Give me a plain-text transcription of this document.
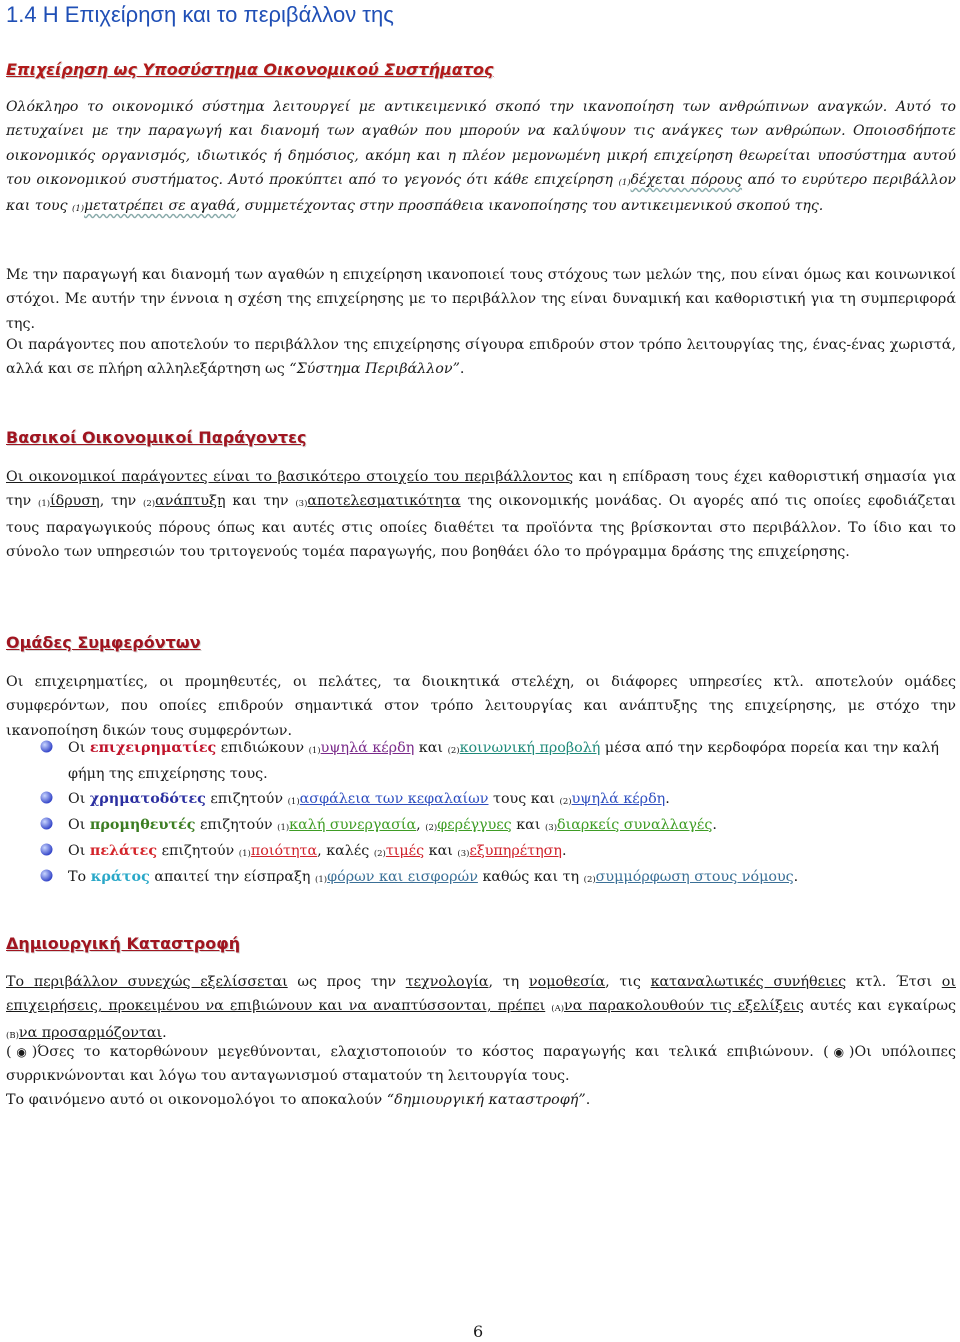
1.4 Η Επιχείρηση και το περιβάλλον της
Επιχείρηση ως Υποσύστημα Οικονομικού Συστήματος

Ολόκληρο το οικονομικό σύστημα λειτουργεί με αντικειμενικό σκοπό την ικανοποίηση των ανθρώπινων αναγκών. Αυτό το πετυχαίνει με την παραγωγή και διανομή των αγαθών που μπορούν να καλύψουν τις ανάγκες των ανθρώπων. Οποιοσδήποτε οικονομικός οργανισμός, ιδιωτικός ή δημόσιος, ακόμη και η πλέον μεμονωμένη μικρή επιχείρηση θεωρείται υποσύστημα αυτού του οικονομικού συστήματος. Αυτό προκύπτει από το γεγονός ότι κάθε επιχείρηση (1)δέχεται πόρους από το ευρύτερο περιβάλλον και τους (1)μετατρέπει σε αγαθά, συμμετέχοντας στην προσπάθεια ικανοποίησης του αντικειμενικού σκοπού της.

Με την παραγωγή και διανομή των αγαθών η επιχείρηση ικανοποιεί τους στόχους των μελών της, που είναι όμως και κοινωνικοί στόχοι. Με αυτήν την έννοια η σχέση της επιχείρησης με το περιβάλλον της είναι δυναμική και καθοριστική για τη συμπεριφορά της.

Οι παράγοντες που αποτελούν το περιβάλλον της επιχείρησης σίγουρα επιδρούν στον τρόπο λειτουργίας της, ένας-ένας χωριστά, αλλά και σε πλήρη αλληλεξάρτηση ως “Σύστημα Περιβάλλον”.

Βασικοί Οικονομικοί Παράγοντες

Οι οικονομικοί παράγοντες είναι το βασικότερο στοιχείο του περιβάλλοντος και η επίδραση τους έχει καθοριστική σημασία για την (1)ίδρυση, την (2)ανάπτυξη και την (3)αποτελεσματικότητα της οικονομικής μονάδας. Οι αγορές από τις οποίες εφοδιάζεται τους παραγωγικούς πόρους όπως και αυτές στις οποίες διαθέτει τα προϊόντα της βρίσκονται στο περιβάλλον. Το ίδιο και το σύνολο των υπηρεσιών του τριτογενούς τομέα παραγωγής, που βοηθάει όλο το πρόγραμμα δράσης της επιχείρησης.

Ομάδες Συμφερόντων

Οι επιχειρηματίες, οι προμηθευτές, οι πελάτες, τα διοικητικά στελέχη, οι διάφορες υπηρεσίες κτλ. αποτελούν ομάδες συμφερόντων, που οποίες επιδρούν σημαντικά στον τρόπο λειτουργίας και ανάπτυξης της επιχείρησης, με στόχο την ικανοποίηση δικών τους συμφερόντων.

Οι επιχειρηματίες επιδιώκουν (1)υψηλά κέρδη και (2)κοινωνική προβολή μέσα από την κερδοφόρα πορεία και την καλή φήμη της επιχείρησης τους.
Οι χρηματοδότες επιζητούν (1)ασφάλεια των κεφαλαίων τους και (2)υψηλά κέρδη.
Οι προμηθευτές επιζητούν (1)καλή συνεργασία, (2)φερέγγυες και (3)διαρκείς συναλλαγές.
Οι πελάτες επιζητούν (1)ποιότητα, καλές (2)τιμές και (3)εξυπηρέτηση.
Το κράτος απαιτεί την είσπραξη (1)φόρων και εισφορών καθώς και τη (2)συμμόρφωση στους νόμους.
Δημιουργική Καταστροφή

Το περιβάλλον συνεχώς εξελίσσεται ως προς την τεχνολογία, τη νομοθεσία, τις καταναλωτικές συνήθειες κτλ. Έτσι οι επιχειρήσεις, προκειμένου να επιβιώνουν και να αναπτύσσονται, πρέπει (A)να παρακολουθούν τις εξελίξεις αυτές και εγκαίρως (B)να προσαρμόζονται.

(◉)Όσες το κατορθώνουν μεγεθύνονται, ελαχιστοποιούν το κόστος παραγωγής και τελικά επιβιώνουν. (◉)Οι υπόλοιπες συρρικνώνονται και λόγω του ανταγωνισμού σταματούν τη λειτουργία τους.

Το φαινόμενο αυτό οι οικονομολόγοι το αποκαλούν “δημιουργική καταστροφή”.

6
